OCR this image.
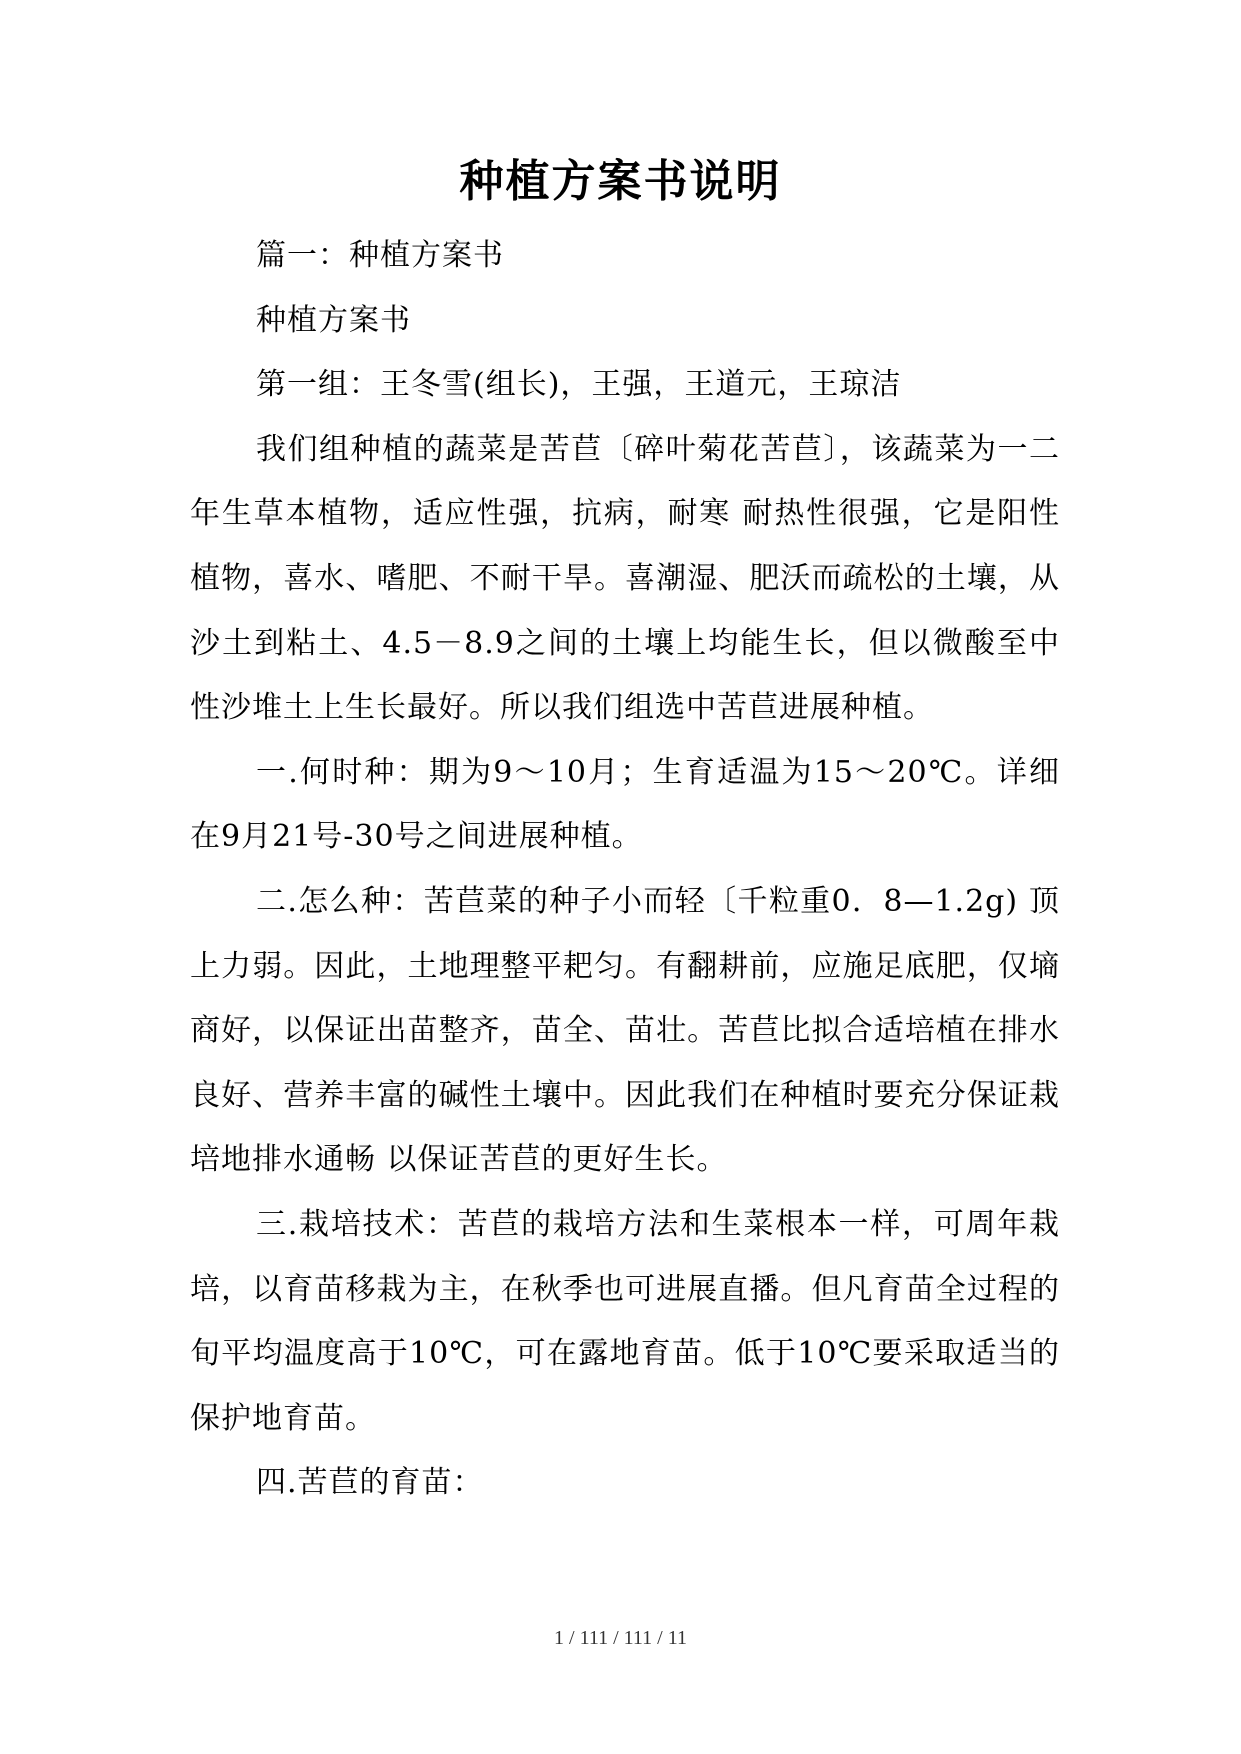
种植方案书说明

篇一：种植方案书

种植方案书

第一组：王冬雪(组长)，王强，王道元，王琼洁

我们组种植的蔬菜是苦苣〔碎叶菊花苦苣〕，该蔬菜为一二年生草本植物，适应性强，抗病，耐寒 耐热性很强，它是阳性植物，喜水、嗜肥、不耐干旱。喜潮湿、肥沃而疏松的土壤，从沙土到粘土、4.5－8.9之间的土壤上均能生长，但以微酸至中性沙堆土上生长最好。所以我们组选中苦苣进展种植。

一.何时种：期为9～10月；生育适温为15～20℃。详细在9月21号-30号之间进展种植。

二.怎么种：苦苣菜的种子小而轻〔千粒重0．8—1.2g) 顶上力弱。因此，土地理整平耙匀。有翻耕前，应施足底肥，仅墒商好，以保证出苗整齐，苗全、苗壮。苦苣比拟合适培植在排水良好、营养丰富的碱性土壤中。因此我们在种植时要充分保证栽培地排水通畅 以保证苦苣的更好生长。

三.栽培技术：苦苣的栽培方法和生菜根本一样，可周年栽培，以育苗移栽为主，在秋季也可进展直播。但凡育苗全过程的旬平均温度高于10℃，可在露地育苗。低于10℃要采取适当的保护地育苗。

四.苦苣的育苗：

1 / 111 / 111 / 11
